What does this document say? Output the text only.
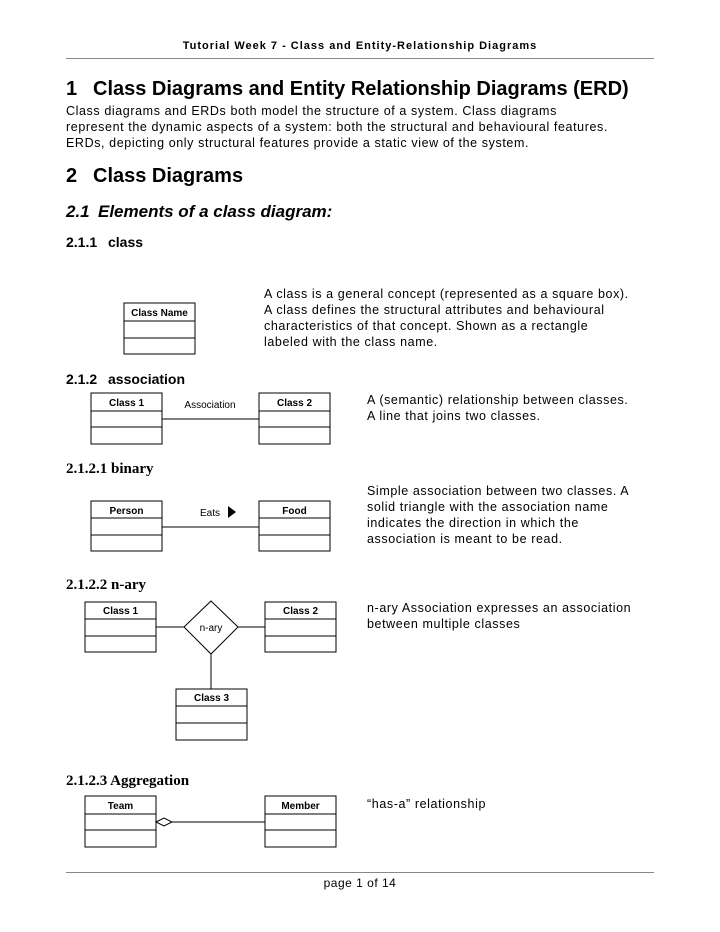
Tutorial Week 7 - Class and Entity-Relationship Diagrams
1 Class Diagrams and Entity Relationship Diagrams (ERD)
Class diagrams and ERDs both model the structure of a system. Class diagrams
represent the dynamic aspects of a system: both the structural and behavioural features.
ERDs, depicting only structural features provide a static view of the system.
2 Class Diagrams
2.1 Elements of a class diagram:
2.1.1 class
A class is a general concept (represented as a square box).
A class defines the structural attributes and behavioural
characteristics of that concept. Shown as a rectangle
labeled with the class name.
2.1.2 association
A (semantic) relationship between classes.
A line that joins two classes.
2.1.2.1 binary
Simple association between two classes. A
solid triangle with the association name
indicates the direction in which the
association is meant to be read.
2.1.2.2 n-ary
n-ary Association expresses an association
between multiple classes
2.1.2.3 Aggregation
“has-a” relationship
Class Name
Class 1	Class 2
Person	Food
Class 1	Class 2
Class 3
Team	Member
Association
Eats
n-ary
page 1 of 14
